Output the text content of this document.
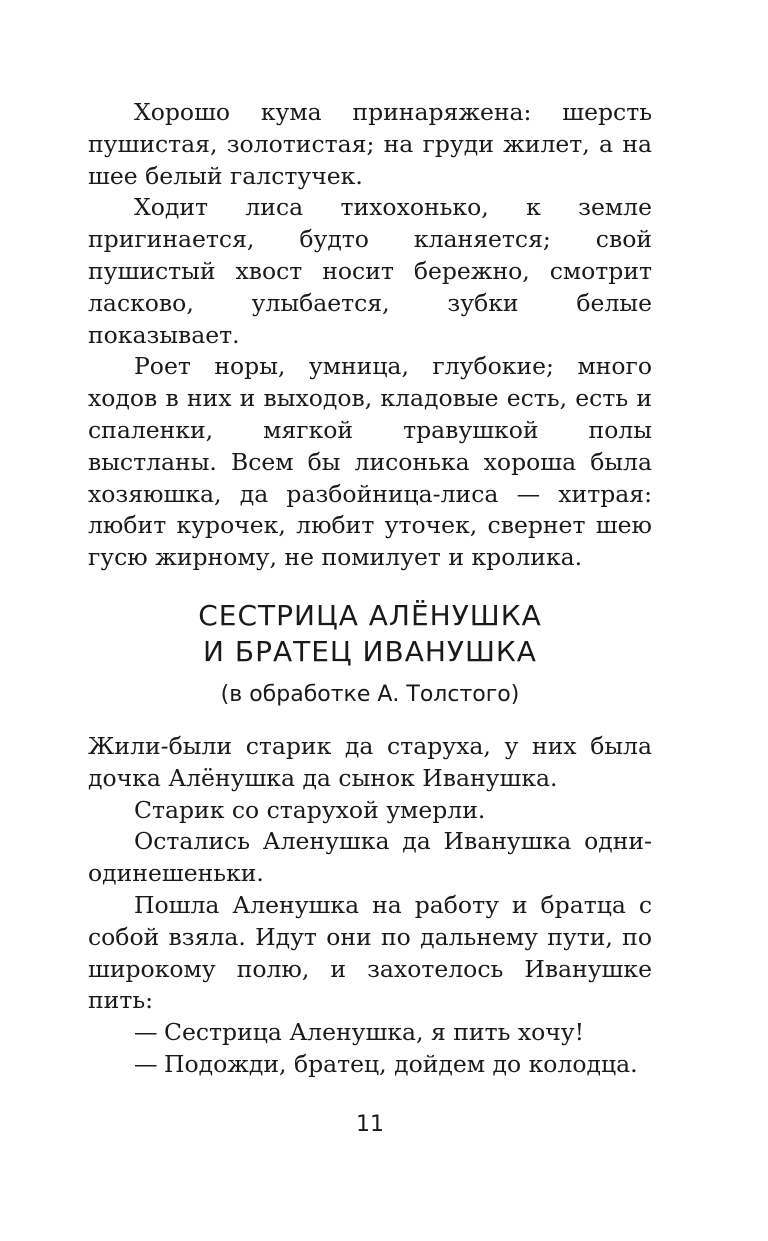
Хорошо кума принаряжена: шерсть пушистая, золотистая; на груди жилет, а на шее белый галстучек.

Ходит лиса тихохонько, к земле пригинается, будто кланяется; свой пушистый хвост носит бережно, смотрит ласково, улыбается, зубки белые показывает.

Роет норы, умница, глубокие; много ходов в них и выходов, кладовые есть, есть и спаленки, мягкой травушкой полы выстланы. Всем бы лисонька хороша была хозяюшка, да разбойница-лиса — хитрая: любит курочек, любит уточек, свернет шею гусю жирному, не помилует и кролика.

СЕСТРИЦА АЛЁНУШКА
И БРАТЕЦ ИВАНУШКА
(в обработке А. Толстого)

Жили-были старик да старуха, у них была дочка Алёнушка да сынок Иванушка.

Старик со старухой умерли.

Остались Аленушка да Иванушка одни-одинешеньки.

Пошла Аленушка на работу и братца с собой взяла. Идут они по дальнему пути, по широкому полю, и захотелось Иванушке пить:

— Сестрица Аленушка, я пить хочу!

— Подожди, братец, дойдем до колодца.

11
